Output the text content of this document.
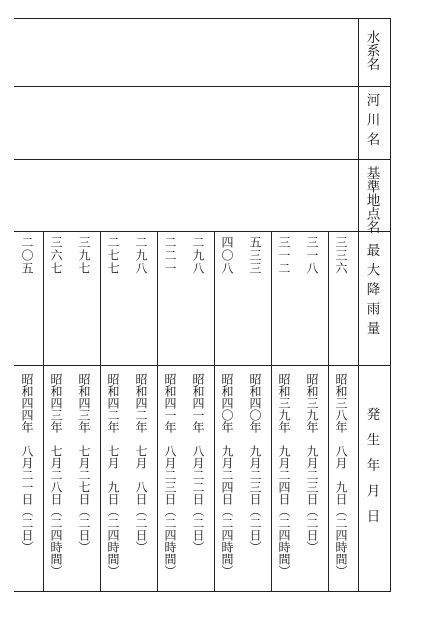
水系名
河川名
基準地点名
最大降雨量
発生年月日
三三六
三一八
三一二
五三三
四〇八
二九八
二二一
二九八
二七七
三九七
三六七
二〇五
昭和三八年　八月　九日（二四時間）
昭和三九年　九月二三日（二日）
昭和三九年　九月二四日（二四時間）
昭和四〇年　九月二三日（二日）
昭和四〇年　九月二四日（二四時間）
昭和四一年　八月二二日（二日）
昭和四一年　八月二三日（二四時間）
昭和四二年　七月　八日（二日）
昭和四二年　七月　九日（二四時間）
昭和四三年　七月二七日（二日）
昭和四三年　七月二八日（二四時間）
昭和四四年　八月二一日（二日）
